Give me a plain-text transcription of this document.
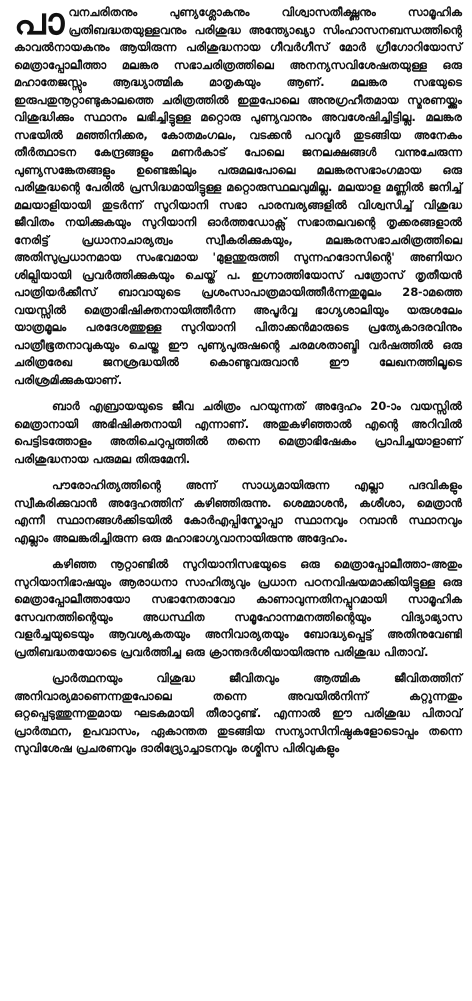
പാവനചരിതനും പുണ്യശ്ലോകനും വിശ്വാസതീക്ഷ്ണനും സാമൂഹിക പ്രതിബദ്ധതയുള്ളവനും പരിശുദ്ധ അന്ത്യോഖ്യാ സിംഹാസനബന്ധത്തിന്റെ കാവൽനായകനും ആയിരുന്ന പരിശുദ്ധനായ ഗീവർഗീസ് മോർ ഗ്രീഗോറിയോസ് മെത്രാപ്പോലീത്താ മലങ്കര സഭാചരിത്രത്തിലെ അനന്യസവിശേഷതയുള്ള ഒരു മഹാതേജസ്സും ആദ്ധ്യാത്മിക മാതൃകയും ആണ്. മലങ്കര സഭയുടെ ഇരുപതുനൂറ്റാണ്ടുകാലത്തെ ചരിത്രത്തിൽ ഇതുപോലെ അനുഗ്രഹീതമായ സ്മരണയ്ക്കും വിശുദ്ധിക്കും സ്ഥാനം ലഭിച്ചിട്ടുള്ള മറ്റൊരു പുണ്യവാനും അവശേഷിച്ചിട്ടില്ല. മലങ്കര സഭയിൽ മഞ്ഞിനിക്കര, കോതമംഗലം, വടക്കൻ പറവൂർ തുടങ്ങിയ അനേകം തീർത്ഥാടന കേന്ദ്രങ്ങളും മണർകാട് പോലെ ജനലക്ഷങ്ങൾ വന്നുചേരുന്ന പുണ്യസങ്കേതങ്ങളും ഉണ്ടെങ്കിലും പരുമലപോലെ മലങ്കരസഭാംഗമായ ഒരു പരിശുദ്ധന്റെ പേരിൽ പ്രസിദ്ധമായിട്ടുള്ള മറ്റൊരുസ്ഥലവുമില്ല. മലയാള മണ്ണിൽ ജനിച്ച് മലയാളിയായി തുടർന്ന് സുറിയാനി സഭാ പാരമ്പര്യങ്ങളിൽ വിശ്വസിച്ച് വിശുദ്ധ ജീവിതം നയിക്കുകയും സുറിയാനി ഓർത്തഡോക്സ് സഭാതലവന്റെ തൃക്കരങ്ങളാൽ നേരിട്ട് പ്രധാനാചാര്യത്വം സ്വീകരിക്കുകയും, മലങ്കരസഭാചരിത്രത്തിലെ അതിസുപ്രധാനമായ സംഭവമായ 'മുളന്തുരുത്തി സുന്നഹദോസിന്റെ' അണിയറ ശില്പിയായി പ്രവർത്തിക്കുകയും ചെയ്ത് പ. ഇഗ്നാത്തിയോസ് പത്രോസ് തൃതീയൻ പാത്രിയർക്കീസ് ബാവായുടെ പ്രശംസാപാത്രമായിത്തീർന്നതുമൂലം 28-ാമത്തെ വയസ്സിൽ മെത്രാഭിഷിക്തനായിത്തീർന്ന അപൂർവ്വ ഭാഗ്യശാലിയും യരുശലേം യാത്രമൂലം പരദേശത്തുള്ള സുറിയാനി പിതാക്കൻമാരുടെ പ്രത്യേകാദരവിനും പാത്രീഭൂതനാവുകയും ചെയ്ത ഈ പുണ്യപുരുഷന്റെ ചരമശതാബ്ദി വർഷത്തിൽ ഒരു ചരിത്രരേഖ ജനശ്രദ്ധയിൽ കൊണ്ടുവരുവാൻ ഈ ലേഖനത്തിലൂടെ പരിശ്രമിക്കുകയാണ്.

ബാർ എബ്രായയുടെ ജീവ ചരിത്രം പറയുന്നത് അദ്ദേഹം 20-ാം വയസ്സിൽ മെത്രാനായി അഭിഷിക്തനായി എന്നാണ്. അതുകഴിഞ്ഞാൽ എന്റെ അറിവിൽ പെട്ടിടത്തോളം അതിചെറുപ്പത്തിൽ തന്നെ മെത്രാഭിഷേകം പ്രാപിച്ചയാളാണ് പരിശുദ്ധനായ പരുമല തിരുമേനി.

പൗരോഹിത്യത്തിന്റെ അന്ന് സാധ്യമായിരുന്ന എല്ലാ പദവികളും സ്വീകരിക്കുവാൻ അദ്ദേഹത്തിന് കഴിഞ്ഞിരുന്നു. ശെമ്മാശൻ, കശീശാ, മെത്രാൻ എന്നീ സ്ഥാനങ്ങൾക്കിടയിൽ കോർഎപ്പിസ്കോപ്പാ സ്ഥാനവും റമ്പാൻ സ്ഥാനവും എല്ലാം അലങ്കരിച്ചിരുന്ന ഒരു മഹാഭാഗ്യവാനായിരുന്നു അദ്ദേഹം.

കഴിഞ്ഞ നൂറ്റാണ്ടിൽ സുറിയാനിസഭയുടെ ഒരു മെത്രാപ്പോലീത്താ-അതും സുറിയാനിഭാഷയും ആരാധനാ സാഹിത്യവും പ്രധാന പഠനവിഷയമാക്കിയിട്ടുള്ള ഒരു മെത്രാപ്പോലീത്തായോ സഭാനേതാവോ കാണാവുന്നതിനപ്പുറമായി സാമൂഹിക സേവനത്തിന്റെയും അധസ്ഥിത സമൂഹോന്നമനത്തിന്റെയും വിദ്യാഭ്യാസ വളർച്ചയുടെയും ആവശ്യകതയും അനിവാര്യതയും ബോദ്ധ്യപ്പെട്ട് അതിനുവേണ്ടി പ്രതിബദ്ധതയോടെ പ്രവർത്തിച്ച ഒരു ക്രാന്തദർശിയായിരുന്നു പരിശുദ്ധ പിതാവ്.

പ്രാർത്ഥനയും വിശുദ്ധ ജീവിതവും ആത്മിക ജീവിതത്തിന് അനിവാര്യമാണെന്നതുപോലെ തന്നെ അവയിൽനിന്ന് കറ്റുന്നതും ഒറ്റപ്പെടുത്തുന്നതുമായ ഘടകമായി തീരാറുണ്ട്. എന്നാൽ ഈ പരിശുദ്ധ പിതാവ് പ്രാർത്ഥന, ഉപവാസം, ഏകാന്തത തുടങ്ങിയ സന്യാസിനിഷ്ഠകളോടൊപ്പം തന്നെ സുവിശേഷ പ്രചരണവും ദാരിദ്ര്യോച്ചാടനവും രശ്മിസ പിരിവുകളും
